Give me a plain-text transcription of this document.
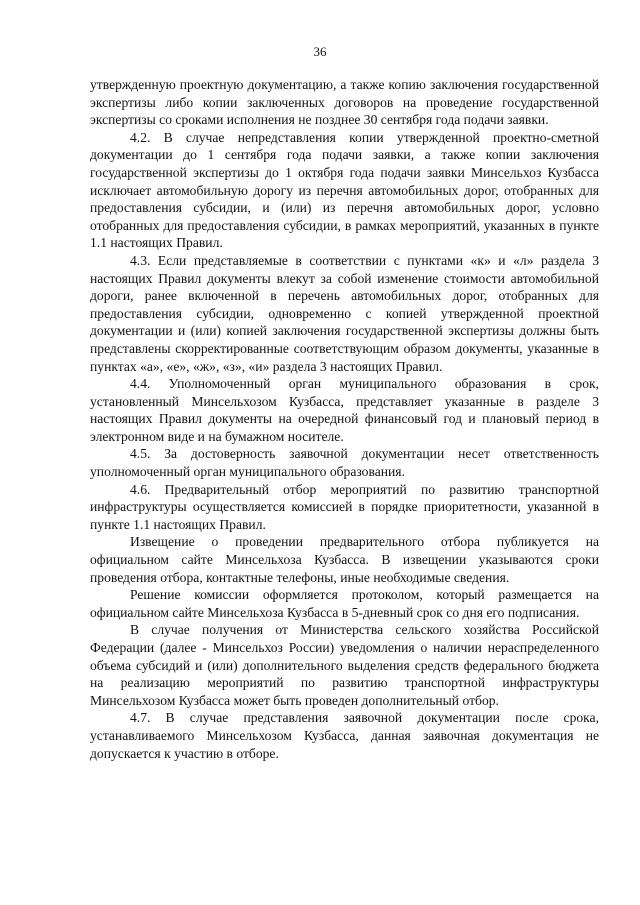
36

утвержденную проектную документацию, а также копию заключения государственной экспертизы либо копии заключенных договоров на проведение государственной экспертизы со сроками исполнения не позднее 30 сентября года подачи заявки.

4.2. В случае непредставления копии утвержденной проектно-сметной документации до 1 сентября года подачи заявки, а также копии заключения государственной экспертизы до 1 октября года подачи заявки Минсельхоз Кузбасса исключает автомобильную дорогу из перечня автомобильных дорог, отобранных для предоставления субсидии, и (или) из перечня автомобильных дорог, условно отобранных для предоставления субсидии, в рамках мероприятий, указанных в пункте 1.1 настоящих Правил.

4.3. Если представляемые в соответствии с пунктами «к» и «л» раздела 3 настоящих Правил документы влекут за собой изменение стоимости автомобильной дороги, ранее включенной в перечень автомобильных дорог, отобранных для предоставления субсидии, одновременно с копией утвержденной проектной документации и (или) копией заключения государственной экспертизы должны быть представлены скорректированные соответствующим образом документы, указанные в пунктах «а», «е», «ж», «з», «и» раздела 3 настоящих Правил.

4.4. Уполномоченный орган муниципального образования в срок, установленный Минсельхозом Кузбасса, представляет указанные в разделе 3 настоящих Правил документы на очередной финансовый год и плановый период в электронном виде и на бумажном носителе.

4.5. За достоверность заявочной документации несет ответственность уполномоченный орган муниципального образования.

4.6. Предварительный отбор мероприятий по развитию транспортной инфраструктуры осуществляется комиссией в порядке приоритетности, указанной в пункте 1.1 настоящих Правил.

Извещение о проведении предварительного отбора публикуется на официальном сайте Минсельхоза Кузбасса. В извещении указываются сроки проведения отбора, контактные телефоны, иные необходимые сведения.

Решение комиссии оформляется протоколом, который размещается на официальном сайте Минсельхоза Кузбасса в 5-дневный срок со дня его подписания.

В случае получения от Министерства сельского хозяйства Российской Федерации (далее - Минсельхоз России) уведомления о наличии нераспределенного объема субсидий и (или) дополнительного выделения средств федерального бюджета на реализацию мероприятий по развитию транспортной инфраструктуры Минсельхозом Кузбасса может быть проведен дополнительный отбор.

4.7. В случае представления заявочной документации после срока, устанавливаемого Минсельхозом Кузбасса, данная заявочная документация не допускается к участию в отборе.
